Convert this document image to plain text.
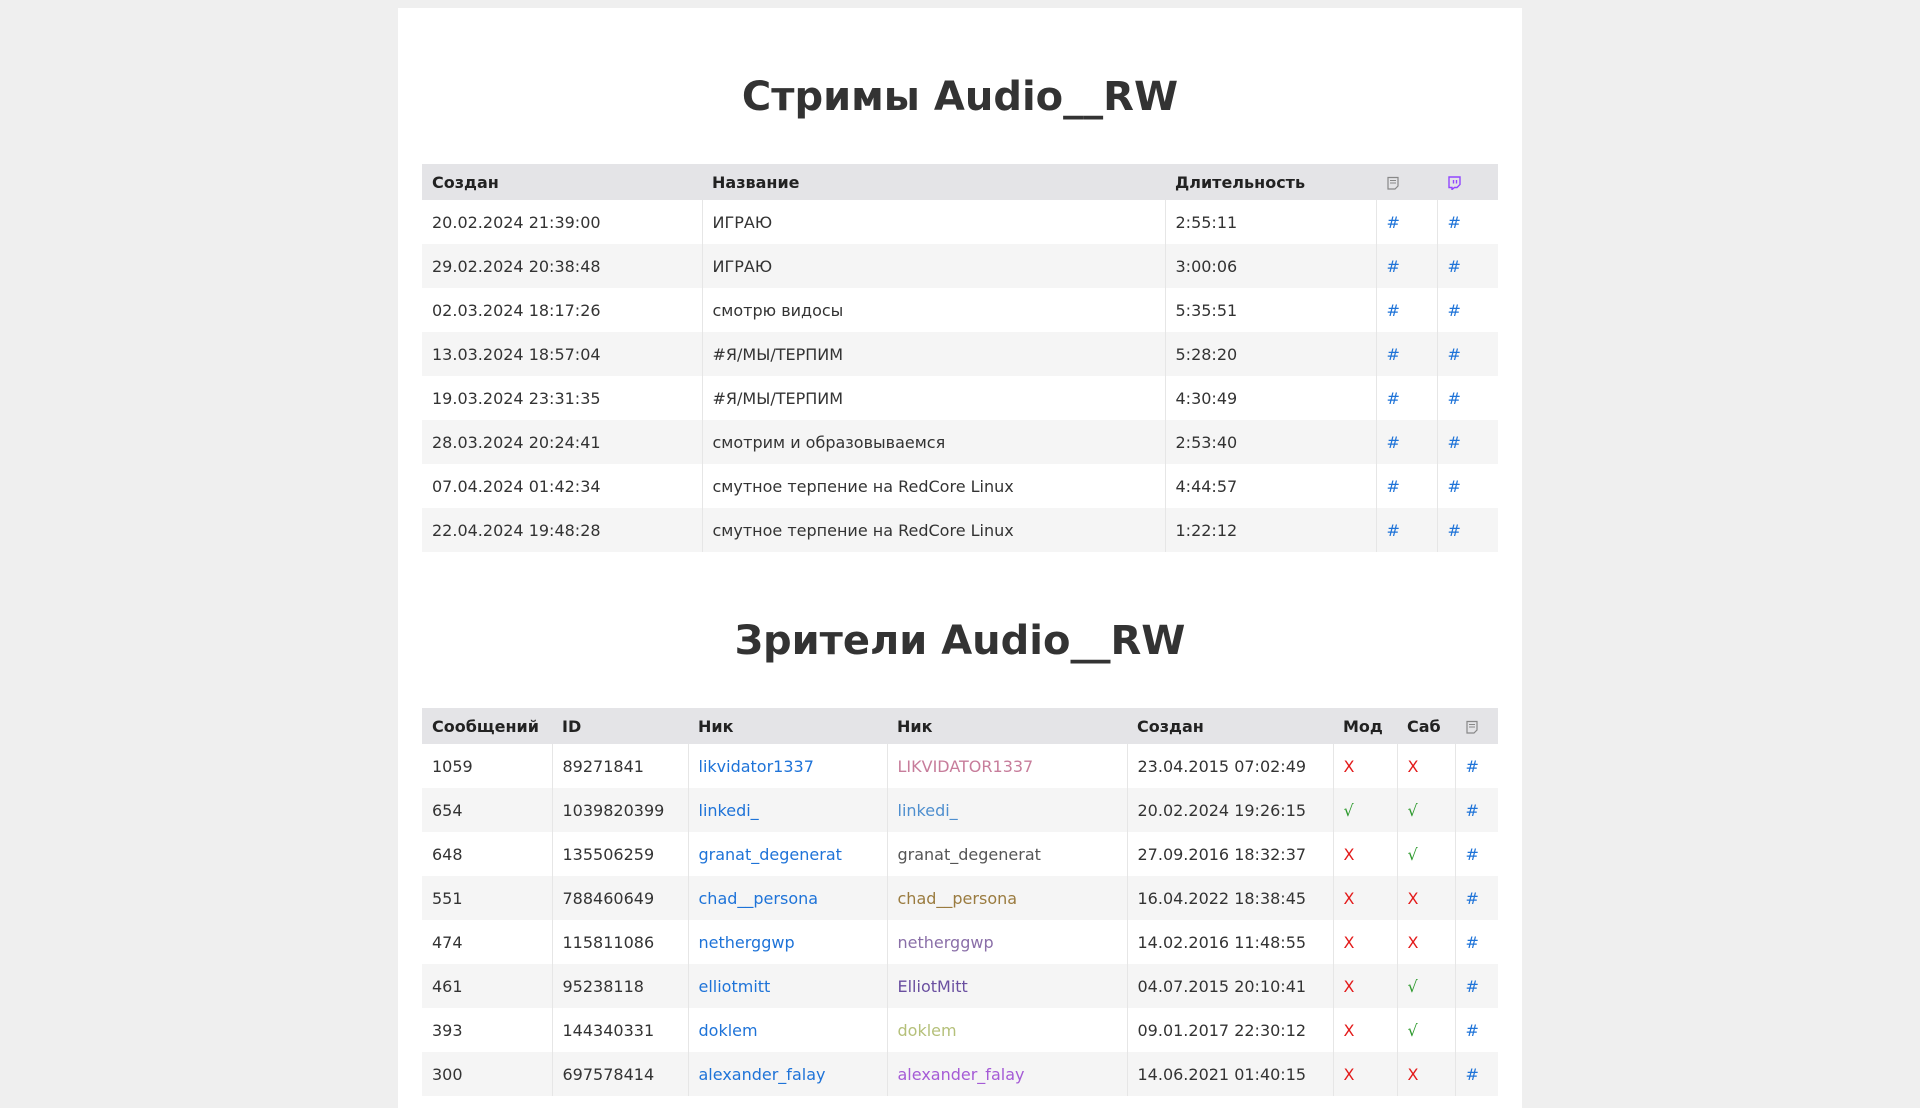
Стримы Audio__RW
Создан	Название	Длительность		
20.02.2024 21:39:00	ИГРАЮ	2:55:11	#	#
29.02.2024 20:38:48	ИГРАЮ	3:00:06	#	#
02.03.2024 18:17:26	смотрю видосы	5:35:51	#	#
13.03.2024 18:57:04	#Я/МЫ/ТЕРПИМ	5:28:20	#	#
19.03.2024 23:31:35	#Я/МЫ/ТЕРПИМ	4:30:49	#	#
28.03.2024 20:24:41	смотрим и образовываемся	2:53:40	#	#
07.04.2024 01:42:34	смутное терпение на RedCore Linux	4:44:57	#	#
22.04.2024 19:48:28	смутное терпение на RedCore Linux	1:22:12	#	#
Зрители Audio__RW
Сообщений	ID	Ник	Ник	Создан	Мод	Саб	
1059	89271841	likvidator1337	LIKVIDATOR1337	23.04.2015 07:02:49	X	X	#
654	1039820399	linkedi_	linkedi_	20.02.2024 19:26:15	√	√	#
648	135506259	granat_degenerat	granat_degenerat	27.09.2016 18:32:37	X	√	#
551	788460649	chad__persona	chad__persona	16.04.2022 18:38:45	X	X	#
474	115811086	netherggwp	netherggwp	14.02.2016 11:48:55	X	X	#
461	95238118	elliotmitt	ElliotMitt	04.07.2015 20:10:41	X	√	#
393	144340331	doklem	doklem	09.01.2017 22:30:12	X	√	#
300	697578414	alexander_falay	alexander_falay	14.06.2021 01:40:15	X	X	#
